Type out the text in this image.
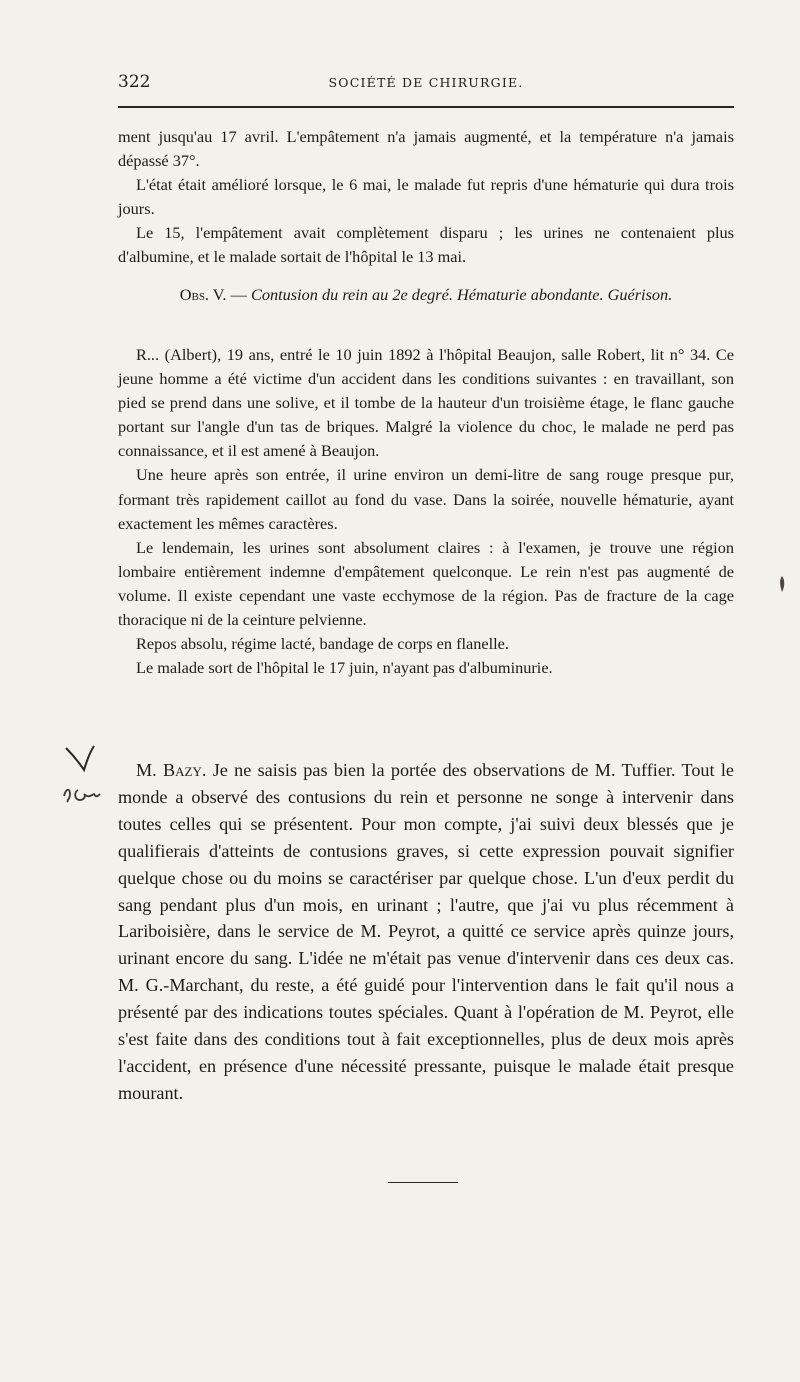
322	SOCIÉTÉ DE CHIRURGIE.

ment jusqu'au 17 avril. L'empâtement n'a jamais augmenté, et la température n'a jamais dépassé 37°.

L'état était amélioré lorsque, le 6 mai, le malade fut repris d'une hématurie qui dura trois jours.

Le 15, l'empâtement avait complètement disparu ; les urines ne contenaient plus d'albumine, et le malade sortait de l'hôpital le 13 mai.

Obs. V. — Contusion du rein au 2e degré. Hématurie abondante. Guérison.

R... (Albert), 19 ans, entré le 10 juin 1892 à l'hôpital Beaujon, salle Robert, lit n° 34. Ce jeune homme a été victime d'un accident dans les conditions suivantes : en travaillant, son pied se prend dans une solive, et il tombe de la hauteur d'un troisième étage, le flanc gauche portant sur l'angle d'un tas de briques. Malgré la violence du choc, le malade ne perd pas connaissance, et il est amené à Beaujon.

Une heure après son entrée, il urine environ un demi-litre de sang rouge presque pur, formant très rapidement caillot au fond du vase. Dans la soirée, nouvelle hématurie, ayant exactement les mêmes caractères.

Le lendemain, les urines sont absolument claires : à l'examen, je trouve une région lombaire entièrement indemne d'empâtement quelconque. Le rein n'est pas augmenté de volume. Il existe cependant une vaste ecchymose de la région. Pas de fracture de la cage thoracique ni de la ceinture pelvienne.

Repos absolu, régime lacté, bandage de corps en flanelle.

Le malade sort de l'hôpital le 17 juin, n'ayant pas d'albuminurie.

M. Bazy. Je ne saisis pas bien la portée des observations de M. Tuffier. Tout le monde a observé des contusions du rein et personne ne songe à intervenir dans toutes celles qui se présentent. Pour mon compte, j'ai suivi deux blessés que je qualifierais d'atteints de contusions graves, si cette expression pouvait signifier quelque chose ou du moins se caractériser par quelque chose. L'un d'eux perdit du sang pendant plus d'un mois, en urinant ; l'autre, que j'ai vu plus récemment à Lariboisière, dans le service de M. Peyrot, a quitté ce service après quinze jours, urinant encore du sang. L'idée ne m'était pas venue d'intervenir dans ces deux cas. M. G.-Marchant, du reste, a été guidé pour l'intervention dans le fait qu'il nous a présenté par des indications toutes spéciales. Quant à l'opération de M. Peyrot, elle s'est faite dans des conditions tout à fait exceptionnelles, plus de deux mois après l'accident, en présence d'une nécessité pressante, puisque le malade était presque mourant.
